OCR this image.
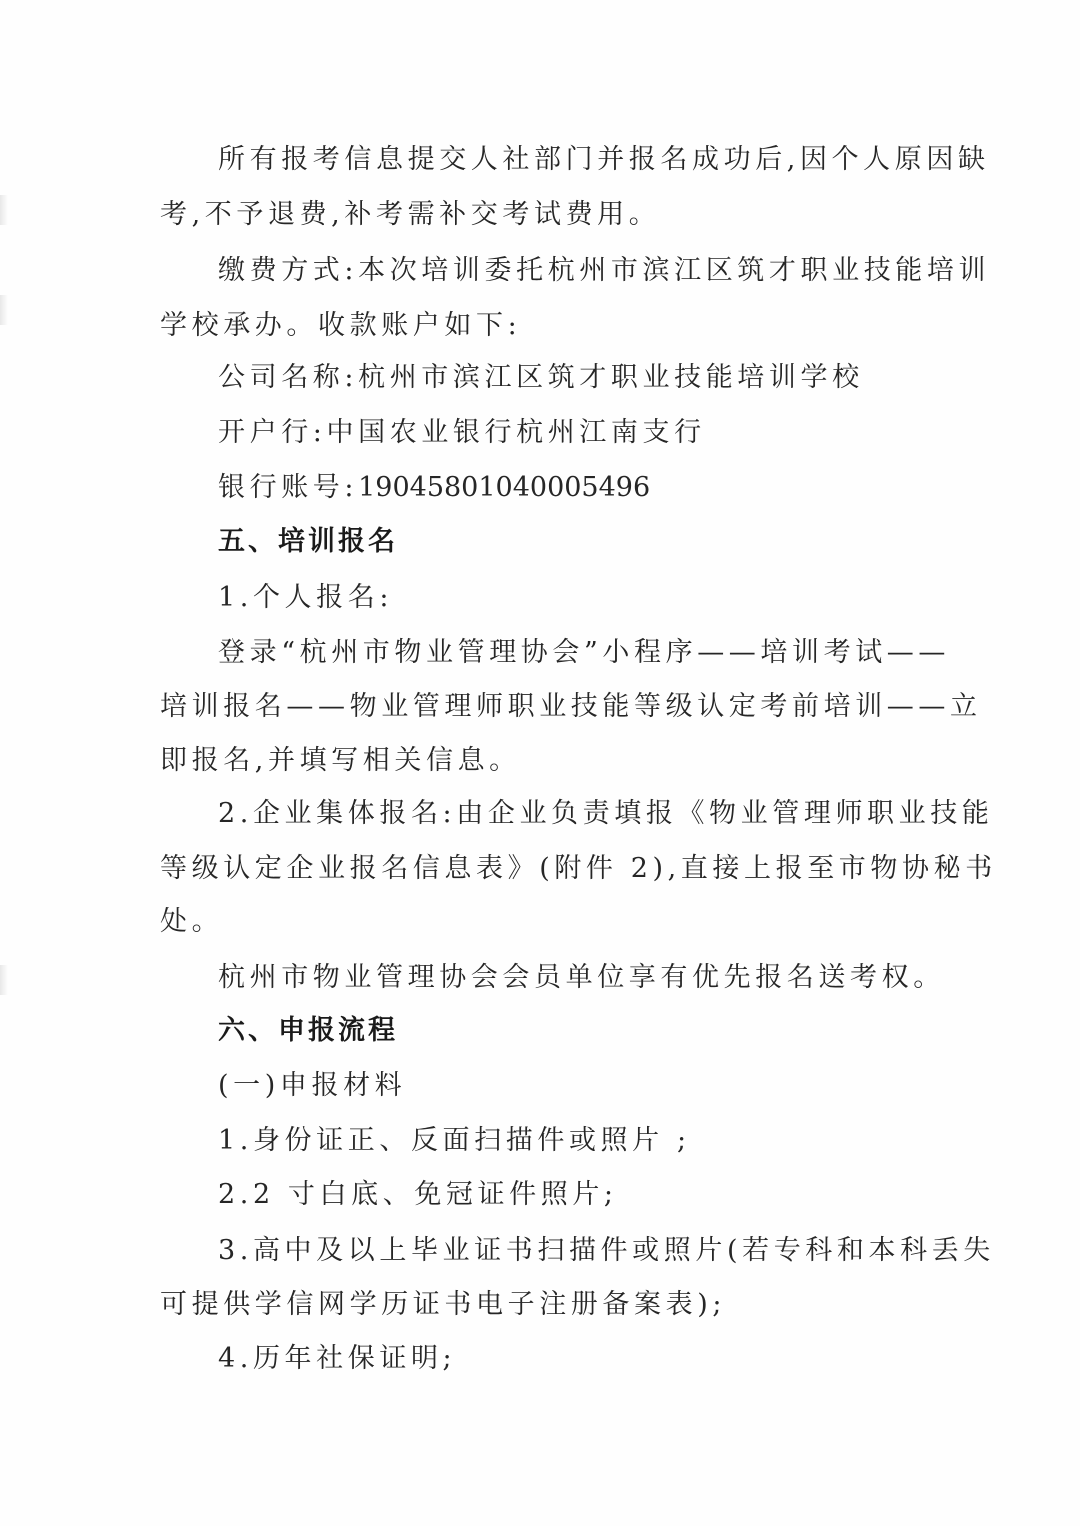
所有报考信息提交人社部门并报名成功后,因个人原因缺
考,不予退费,补考需补交考试费用。
缴费方式:本次培训委托杭州市滨江区筑才职业技能培训
学校承办。收款账户如下:
公司名称:杭州市滨江区筑才职业技能培训学校
开户行:中国农业银行杭州江南支行
银行账号:19045801040005496
五、培训报名
1.个人报名:
登录“杭州市物业管理协会”小程序——培训考试——
培训报名——物业管理师职业技能等级认定考前培训——立
即报名,并填写相关信息。
2.企业集体报名:由企业负责填报《物业管理师职业技能
等级认定企业报名信息表》(附件 2),直接上报至市物协秘书
处。
杭州市物业管理协会会员单位享有优先报名送考权。
六、申报流程
(一)申报材料
1.身份证正、反面扫描件或照片 ;
2.2 寸白底、免冠证件照片;
3.高中及以上毕业证书扫描件或照片(若专科和本科丢失
可提供学信网学历证书电子注册备案表);
4.历年社保证明;
